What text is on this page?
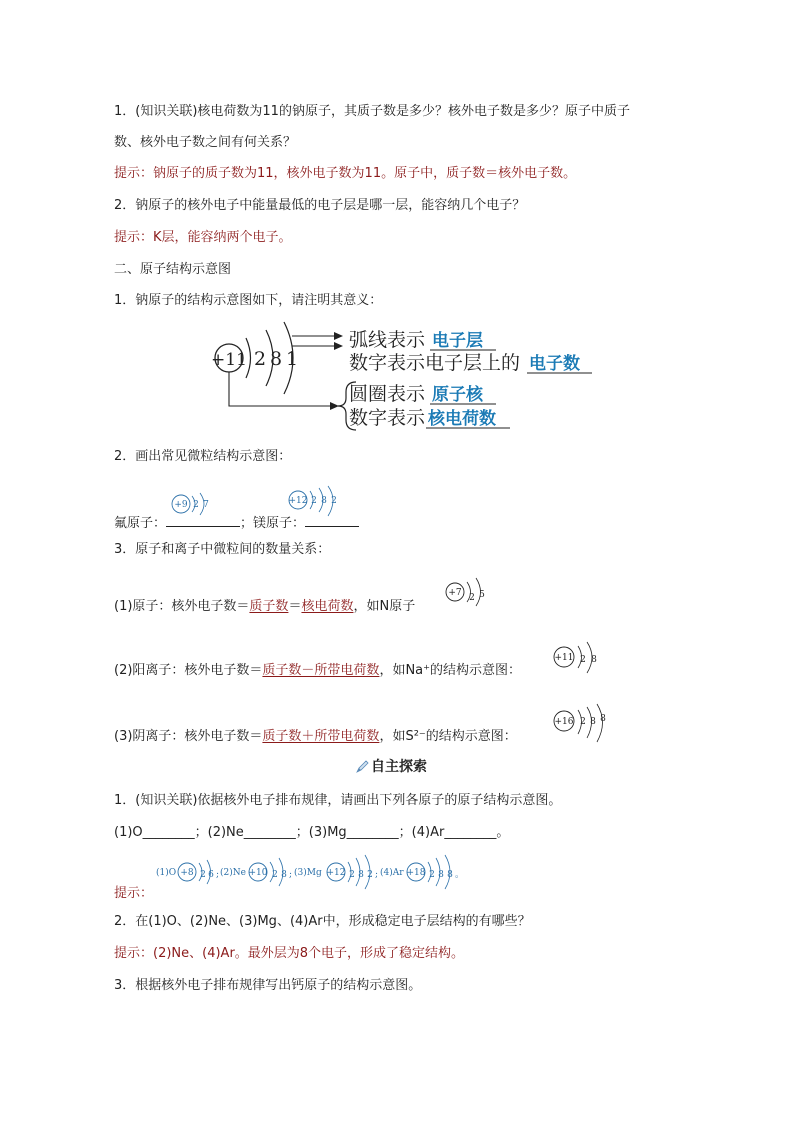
1．(知识关联)核电荷数为11的钠原子，其质子数是多少？核外电子数是多少？原子中质子
数、核外电子数之间有何关系？
提示：钠原子的质子数为11，核外电子数为11。原子中，质子数＝核外电子数。
2．钠原子的核外电子中能量最低的电子层是哪一层，能容纳几个电子？
提示：K层，能容纳两个电子。
二、原子结构示意图
1．钠原子的结构示意图如下，请注明其意义：
+11 2 8 1
弧线表示 电子层
数字表示电子层上的 电子数
圆圈表示 原子核
数字表示 核电荷数
2．画出常见微粒结构示意图：
氟原子：	；镁原子：
+9 2 7	+12 2 8 2
3．原子和离子中微粒间的数量关系：
(1)原子：核外电子数＝质子数＝核电荷数，如N原子
+7 2 5
(2)阳离子：核外电子数＝质子数－所带电荷数，如Na⁺的结构示意图：
+11 2 8
(3)阴离子：核外电子数＝质子数＋所带电荷数，如S²⁻的结构示意图：
+16 2 8 8
自主探索
1．(知识关联)依据核外电子排布规律，请画出下列各原子的原子结构示意图。
(1)O________；(2)Ne________；(3)Mg________；(4)Ar________。
(1)O +8 2 6 ; (2)Ne +10 2 8 ; (3)Mg +12 2 8 2 ; (4)Ar +18 2 8 8 。
提示：
2．在(1)O、(2)Ne、(3)Mg、(4)Ar中，形成稳定电子层结构的有哪些？
提示：(2)Ne、(4)Ar。最外层为8个电子，形成了稳定结构。
3．根据核外电子排布规律写出钙原子的结构示意图。
